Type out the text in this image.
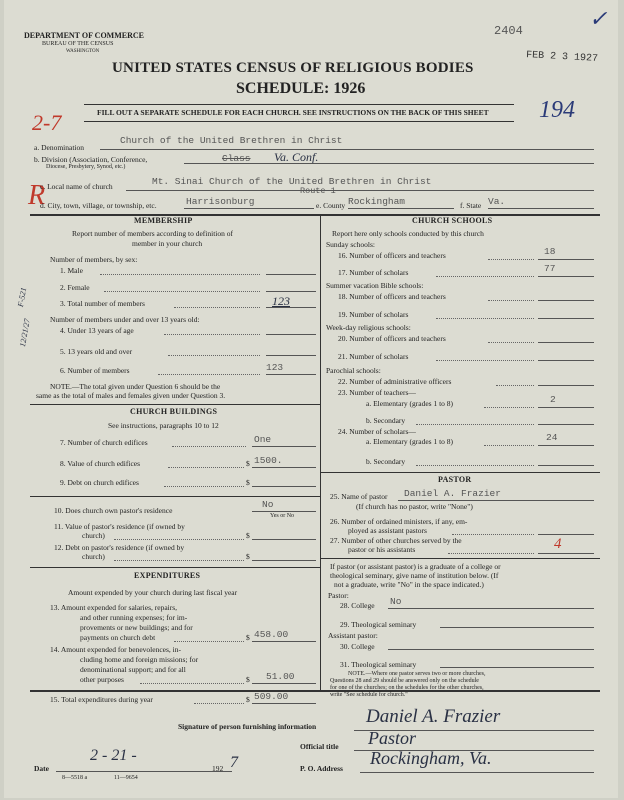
DEPARTMENT OF COMMERCE
BUREAU OF THE CENSUS
WASHINGTON
UNITED STATES CENSUS OF RELIGIOUS BODIES
SCHEDULE: 1926
2404
FEB 2 3 1927
✓
2-7	194
FILL OUT A SEPARATE SCHEDULE FOR EACH CHURCH. SEE INSTRUCTIONS ON THE BACK OF THIS SHEET
a. Denomination
Church of the United Brethren in Christ
b. Division (Association, Conference,
Diocese, Presbytery, Synod, etc.)
Class Va. Conf.
R
c. Local name of church	Mt. Sinai Church of the United Brethren in Christ
Route 1
d. City, town, village, or township, etc.	Harrisonburg	e. County Rockingham	f. State Va.
MEMBERSHIP
Report number of members according to definition of
member in your church
Number of members, by sex:
1. Male
2. Female
3. Total number of members	123
Number of members under and over 13 years old:
4. Under 13 years of age
5. 13 years old and over
6. Number of members	123
NOTE.—The total given under Question 6 should be the
same as the total of males and females given under Question 3.
F-521
12/21/27
CHURCH BUILDINGS
See instructions, paragraphs 10 to 12
7. Number of church edifices	One
8. Value of church edifices	$ 1500.
9. Debt on church edifices	$
10. Does church own pastor's residence
No
Yes or No
11. Value of pastor's residence (if owned by
church)	$
12. Debt on pastor's residence (if owned by
church)	$
EXPENDITURES
Amount expended by your church during last fiscal year
13. Amount expended for salaries, repairs,
and other running expenses; for im-
provements or new buildings; and for
payments on church debt	$ 458.00
14. Amount expended for benevolences, in-
cluding home and foreign missions; for
denominational support; and for all
other purposes	$ 51.00
15. Total expenditures during year	$ 509.00
CHURCH SCHOOLS
Report here only schools conducted by this church
Sunday schools:
16. Number of officers and teachers	18
17. Number of scholars	77
Summer vacation Bible schools:
18. Number of officers and teachers
19. Number of scholars
Week-day religious schools:
20. Number of officers and teachers
21. Number of scholars
Parochial schools:
22. Number of administrative officers
23. Number of teachers—
a. Elementary (grades 1 to 8)	2
b. Secondary
24. Number of scholars—
a. Elementary (grades 1 to 8)	24
b. Secondary
PASTOR
25. Name of pastor Daniel A. Frazier
(If church has no pastor, write "None")
26. Number of ordained ministers, if any, em-
ployed as assistant pastors
27. Number of other churches served by the
pastor or his assistants	4
If pastor (or assistant pastor) is a graduate of a college or
theological seminary, give name of institution below. (If
not a graduate, write "No" in the space indicated.)
Pastor:
28. College No
29. Theological seminary
Assistant pastor:
30. College
31. Theological seminary
NOTE.—Where one pastor serves two or more churches,
Questions 28 and 29 should be answered only on the schedule
for one of the churches; on the schedules for the other churches,
write "See schedule for church."
Signature of person furnishing information	Daniel A. Frazier
Official title Pastor
Date
2 - 21 -
192 7	P. O. Address
Rockingham, Va.
8—5518 a	11—9654
